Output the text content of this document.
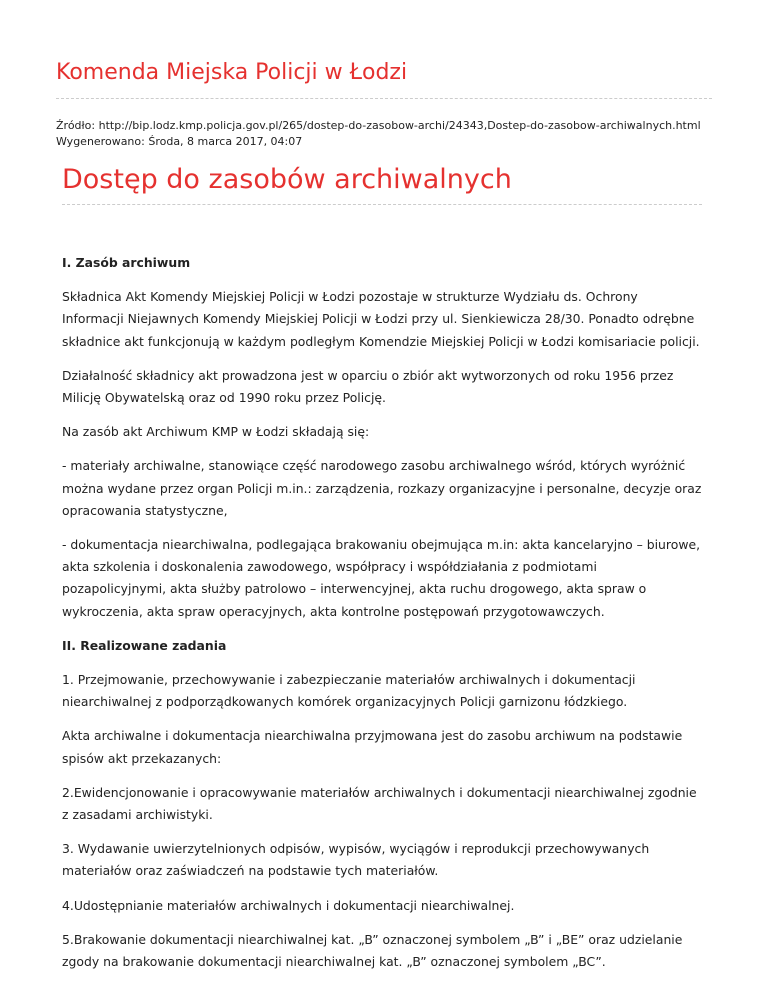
Komenda Miejska Policji w Łodzi
Źródło: http://bip.lodz.kmp.policja.gov.pl/265/dostep-do-zasobow-archi/24343,Dostep-do-zasobow-archiwalnych.html
Wygenerowano: Środa, 8 marca 2017, 04:07
Dostęp do zasobów archiwalnych
I. Zasób archiwum

Składnica Akt Komendy Miejskiej Policji w Łodzi pozostaje w strukturze Wydziału ds. Ochrony Informacji Niejawnych Komendy Miejskiej Policji w Łodzi przy ul. Sienkiewicza 28/30. Ponadto odrębne składnice akt funkcjonują w każdym podległym Komendzie Miejskiej Policji w Łodzi komisariacie policji.

Działalność składnicy akt prowadzona jest w oparciu o zbiór akt wytworzonych od roku 1956 przez Milicję Obywatelską oraz od 1990 roku przez Policję.

Na zasób akt Archiwum KMP w Łodzi składają się:

- materiały archiwalne, stanowiące część narodowego zasobu archiwalnego wśród, których wyróżnić można wydane przez organ Policji m.in.: zarządzenia, rozkazy organizacyjne i personalne, decyzje oraz opracowania statystyczne,

- dokumentacja niearchiwalna, podlegająca brakowaniu obejmująca m.in: akta kancelaryjno – biurowe, akta szkolenia i doskonalenia zawodowego, współpracy i współdziałania z podmiotami pozapolicyjnymi, akta służby patrolowo – interwencyjnej, akta ruchu drogowego, akta spraw o wykroczenia, akta spraw operacyjnych, akta kontrolne postępowań przygotowawczych.

II. Realizowane zadania

1. Przejmowanie, przechowywanie i zabezpieczanie materiałów archiwalnych i dokumentacji niearchiwalnej z podporządkowanych komórek organizacyjnych Policji garnizonu łódzkiego.

Akta archiwalne i dokumentacja niearchiwalna przyjmowana jest do zasobu archiwum na podstawie spisów akt przekazanych:

2.Ewidencjonowanie i opracowywanie materiałów archiwalnych i dokumentacji niearchiwalnej zgodnie z zasadami archiwistyki.

3. Wydawanie uwierzytelnionych odpisów, wypisów, wyciągów i reprodukcji przechowywanych materiałów oraz zaświadczeń na podstawie tych materiałów.

4.Udostępnianie materiałów archiwalnych i dokumentacji niearchiwalnej.

5.Brakowanie dokumentacji niearchiwalnej kat. „B” oznaczonej symbolem „B” i „BE” oraz udzielanie zgody na brakowanie dokumentacji niearchiwalnej kat. „B” oznaczonej symbolem „BC”.
